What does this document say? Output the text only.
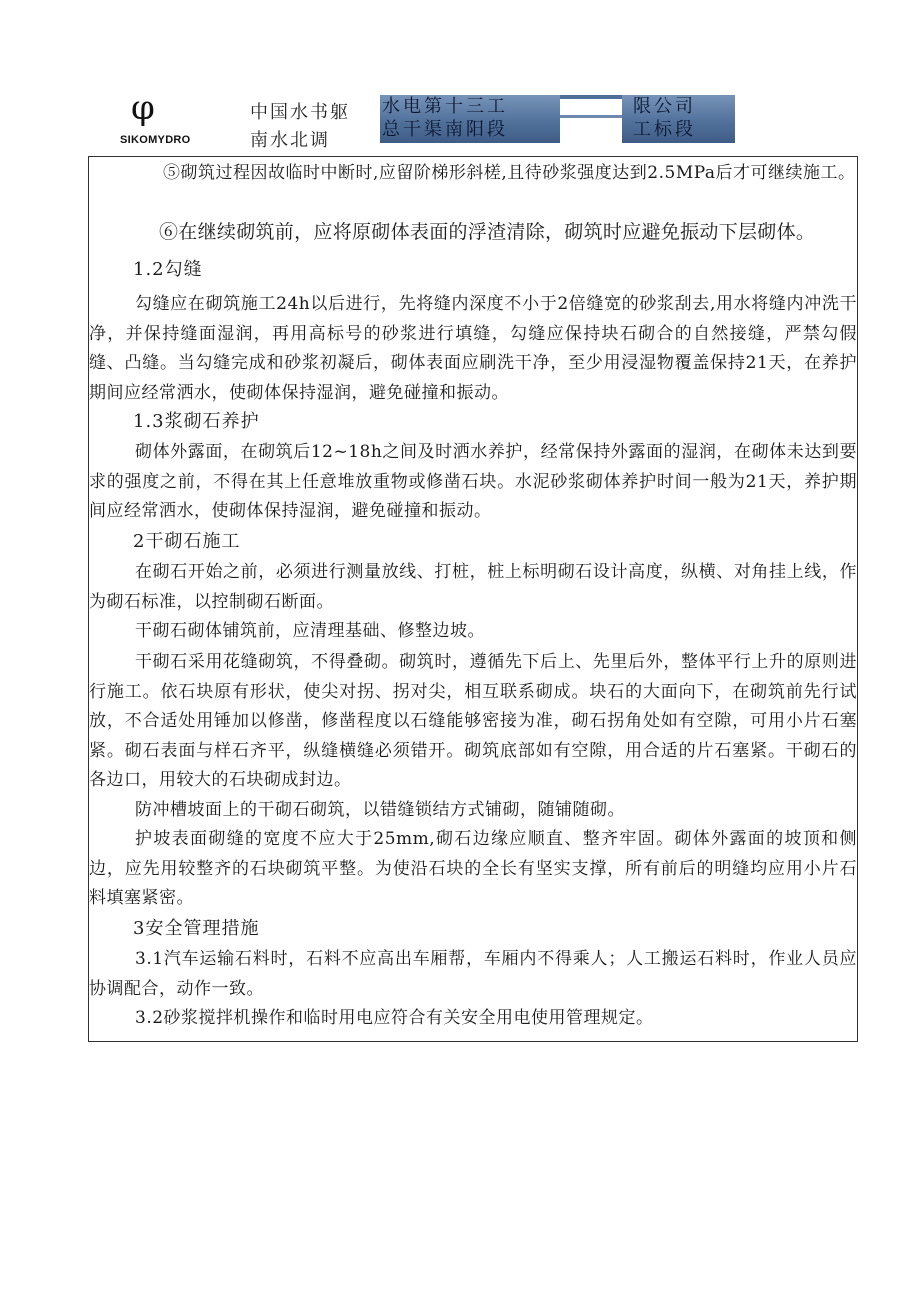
φ
SIKOMYDRO
中国水书躯
南水北调
水电第十三工
总干渠南阳段
限公司
工标段
⑤砌筑过程因故临时中断时,应留阶梯形斜槎,且待砂浆强度达到2.5MPa后才可继续施工。
⑥在继续砌筑前，应将原砌体表面的浮渣清除，砌筑时应避免振动下层砌体。
1.2勾缝
勾缝应在砌筑施工24h以后进行，先将缝内深度不小于2倍缝宽的砂浆刮去,用水将缝内冲洗干净，并保持缝面湿润，再用高标号的砂浆进行填缝，勾缝应保持块石砌合的自然接缝，严禁勾假缝、凸缝。当勾缝完成和砂浆初凝后，砌体表面应刷洗干净，至少用浸湿物覆盖保持21天，在养护期间应经常洒水，使砌体保持湿润，避免碰撞和振动。
1.3浆砌石养护
砌体外露面，在砌筑后12~18h之间及时洒水养护，经常保持外露面的湿润，在砌体未达到要求的强度之前，不得在其上任意堆放重物或修凿石块。水泥砂浆砌体养护时间一般为21天，养护期间应经常洒水，使砌体保持湿润，避免碰撞和振动。
2干砌石施工
在砌石开始之前，必须进行测量放线、打桩，桩上标明砌石设计高度，纵横、对角挂上线，作为砌石标准，以控制砌石断面。
干砌石砌体铺筑前，应清理基础、修整边坡。
干砌石采用花缝砌筑，不得叠砌。砌筑时，遵循先下后上、先里后外，整体平行上升的原则进行施工。依石块原有形状，使尖对拐、拐对尖，相互联系砌成。块石的大面向下，在砌筑前先行试放，不合适处用锤加以修凿，修凿程度以石缝能够密接为准，砌石拐角处如有空隙，可用小片石塞紧。砌石表面与样石齐平，纵缝横缝必须错开。砌筑底部如有空隙，用合适的片石塞紧。干砌石的各边口，用较大的石块砌成封边。
防冲槽坡面上的干砌石砌筑，以错缝锁结方式铺砌，随铺随砌。
护坡表面砌缝的宽度不应大于25mm,砌石边缘应顺直、整齐牢固。砌体外露面的坡顶和侧边，应先用较整齐的石块砌筑平整。为使沿石块的全长有坚实支撑，所有前后的明缝均应用小片石料填塞紧密。
3安全管理措施
3.1汽车运输石料时，石料不应高出车厢帮，车厢内不得乘人；人工搬运石料时，作业人员应协调配合，动作一致。
3.2砂浆搅拌机操作和临时用电应符合有关安全用电使用管理规定。
